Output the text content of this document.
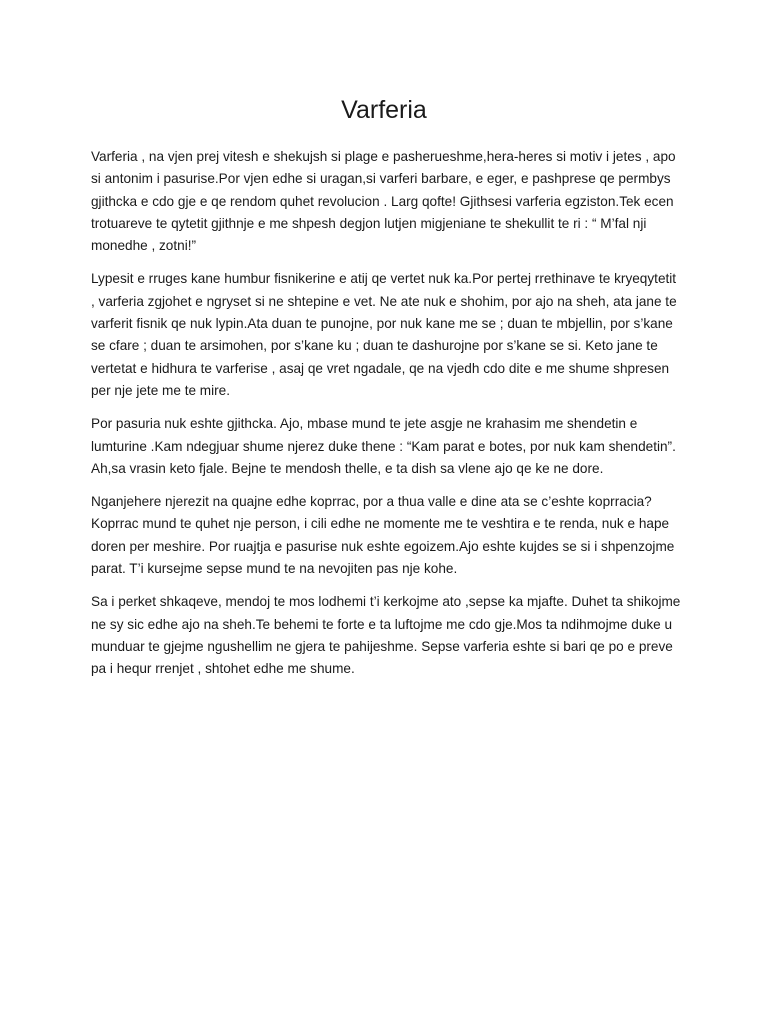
Varferia

Varferia , na vjen prej vitesh e shekujsh si plage e pasherueshme,hera-heres si motiv i jetes , apo si antonim i pasurise.Por vjen edhe si uragan,si varferi barbare, e eger, e pashprese qe permbys gjithcka e cdo gje e qe rendom quhet revolucion . Larg qofte! Gjithsesi varferia egziston.Tek ecen trotuareve te qytetit gjithnje e me shpesh degjon lutjen migjeniane te shekullit te ri : “ M’fal nji monedhe , zotni!”

Lypesit e rruges kane humbur fisnikerine e atij qe vertet nuk ka.Por pertej rrethinave te kryeqytetit , varferia zgjohet e ngryset si ne shtepine e vet. Ne ate nuk e shohim, por ajo na sheh, ata jane te varferit fisnik qe nuk lypin.Ata duan te punojne, por nuk kane me se ; duan te mbjellin, por s’kane se cfare ; duan te arsimohen, por s’kane ku ; duan te dashurojne por s’kane se si. Keto jane te vertetat e hidhura te varferise , asaj qe vret ngadale, qe na vjedh cdo dite e me shume shpresen per nje jete me te mire.

Por pasuria nuk eshte gjithcka. Ajo, mbase mund te jete asgje ne krahasim me shendetin e lumturine .Kam ndegjuar shume njerez duke thene : “Kam parat e botes, por nuk kam shendetin”. Ah,sa vrasin keto fjale. Bejne te mendosh thelle, e ta dish sa vlene ajo qe ke ne dore.

Nganjehere njerezit na quajne edhe koprrac, por a thua valle e dine ata se c’eshte koprracia? Koprrac mund te quhet nje person, i cili edhe ne momente me te veshtira e te renda, nuk e hape doren per meshire. Por ruajtja e pasurise nuk eshte egoizem.Ajo eshte kujdes se si i shpenzojme parat. T’i kursejme sepse mund te na nevojiten pas nje kohe.

Sa i perket shkaqeve, mendoj te mos lodhemi t’i kerkojme ato ,sepse ka mjafte. Duhet ta shikojme ne sy sic edhe ajo na sheh.Te behemi te forte e ta luftojme me cdo gje.Mos ta ndihmojme duke u munduar te gjejme ngushellim ne gjera te pahijeshme. Sepse varferia eshte si bari qe po e preve pa i hequr rrenjet , shtohet edhe me shume.
